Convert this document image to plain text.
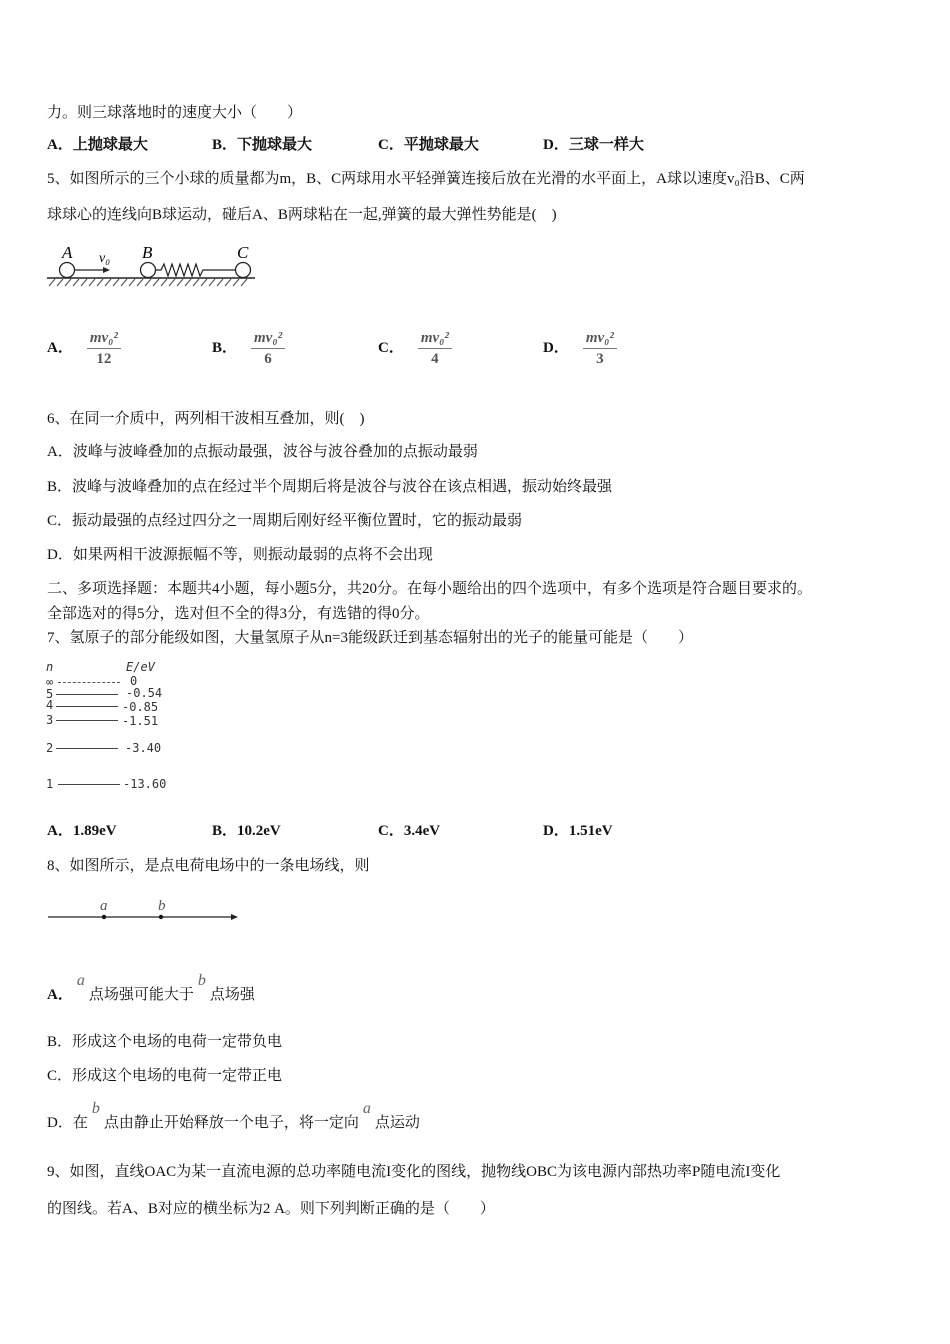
力。则三球落地时的速度大小（　　）
A．上抛球最大	B．下抛球最大	C．平抛球最大	D．三球一样大
5、如图所示的三个小球的质量都为m，B、C两球用水平轻弹簧连接后放在光滑的水平面上，A球以速度v₀沿B、C两
球球心的连线向B球运动，碰后A、B两球粘在一起,弹簧的最大弹性势能是(　)
A v₀ B	C
A． $\frac{\text{mv₀²}}{12}$	B． $\frac{\text{mv₀²}}{6}$	C． $\frac{\text{mv₀²}}{4}$	D． $\frac{\text{mv₀²}}{3}$
6、在同一介质中，两列相干波相互叠加，则(　)
A．波峰与波峰叠加的点振动最强，波谷与波谷叠加的点振动最弱
B．波峰与波峰叠加的点在经过半个周期后将是波谷与波谷在该点相遇，振动始终最强
C．振动最强的点经过四分之一周期后刚好经平衡位置时，它的振动最弱
D．如果两相干波源振幅不等，则振动最弱的点将不会出现
二、多项选择题：本题共4小题，每小题5分，共20分。在每小题给出的四个选项中，有多个选项是符合题目要求的。
全部选对的得5分，选对但不全的得3分，有选错的得0分。
7、氢原子的部分能级如图，大量氢原子从n=3能级跃迁到基态辐射出的光子的能量可能是（　　）
n	E/eV
∞	0
5	-0.54
4	-0.85
3	-1.51
2	-3.40
1	-13.60
A．1.89eV	B．10.2eV	C．3.4eV	D．1.51eV
8、如图所示，是点电荷电场中的一条电场线，则
a	b
A．a点场强可能大于b点场强
B．形成这个电场的电荷一定带负电
C．形成这个电场的电荷一定带正电
D．在b点由静止开始释放一个电子，将一定向a点运动
9、如图，直线OAC为某一直流电源的总功率随电流I变化的图线，抛物线OBC为该电源内部热功率P随电流I变化
的图线。若A、B对应的横坐标为2 A。则下列判断正确的是（　　）
